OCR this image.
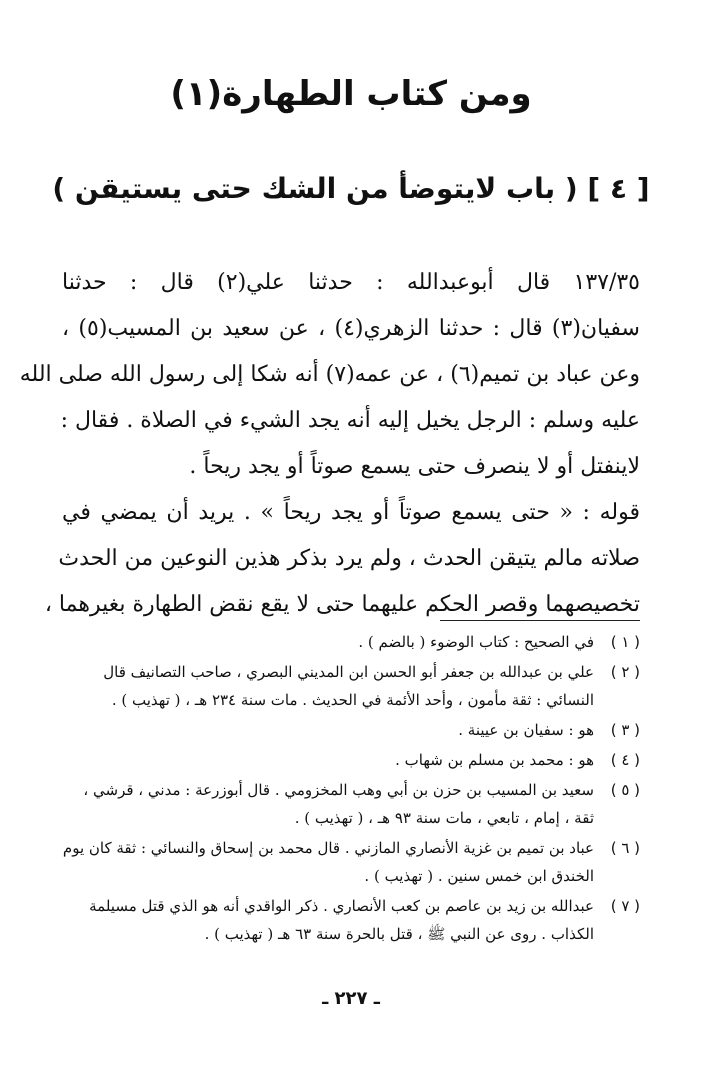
ومن كتاب الطهارة(١)
[ ٤ ] ( باب لايتوضأ من الشك حتى يستيقن )
١٣٧/٣٥ قال أبوعبدالله : حدثنا علي(٢) قال : حدثنا
سفيان(٣) قال : حدثنا الزهري(٤) ، عن سعيد بن المسيب(٥) ،
وعن عباد بن تميم(٦) ، عن عمه(٧) أنه شكا إلى رسول الله صلى الله
عليه وسلم : الرجل يخيل إليه أنه يجد الشيء في الصلاة . فقال :
لاينفتل أو لا ينصرف حتى يسمع صوتاً أو يجد ريحاً .
قوله : « حتى يسمع صوتاً أو يجد ريحاً » . يريد أن يمضي في
صلاته مالم يتيقن الحدث ، ولم يرد بذكر هذين النوعين من الحدث
تخصيصهما وقصر الحكم عليهما حتى لا يقع نقض الطهارة بغيرهما ،
( ١ )
في الصحيح : كتاب الوضوء ( بالضم ) .
( ٢ )
علي بن عبدالله بن جعفر أبو الحسن ابن المديني البصري ، صاحب التصانيف قال النسائي : ثقة مأمون ، وأحد الأئمة في الحديث . مات سنة ٢٣٤ هـ ، ( تهذيب ) .
( ٣ )
هو : سفيان بن عيينة .
( ٤ )
هو : محمد بن مسلم بن شهاب .
( ٥ )
سعيد بن المسيب بن حزن بن أبي وهب المخزومي . قال أبوزرعة : مدني ، قرشي ، ثقة ، إمام ، تابعي ، مات سنة ٩٣ هـ ، ( تهذيب ) .
( ٦ )
عباد بن تميم بن غزية الأنصاري المازني . قال محمد بن إسحاق والنسائي : ثقة كان يوم الخندق ابن خمس سنين . ( تهذيب ) .
( ٧ )
عبدالله بن زيد بن عاصم بن كعب الأنصاري . ذكر الواقدي أنه هو الذي قتل مسيلمة الكذاب . روى عن النبي ﷺ ، قتل بالحرة سنة ٦٣ هـ ( تهذيب ) .
ـ ٢٢٧ ـ
